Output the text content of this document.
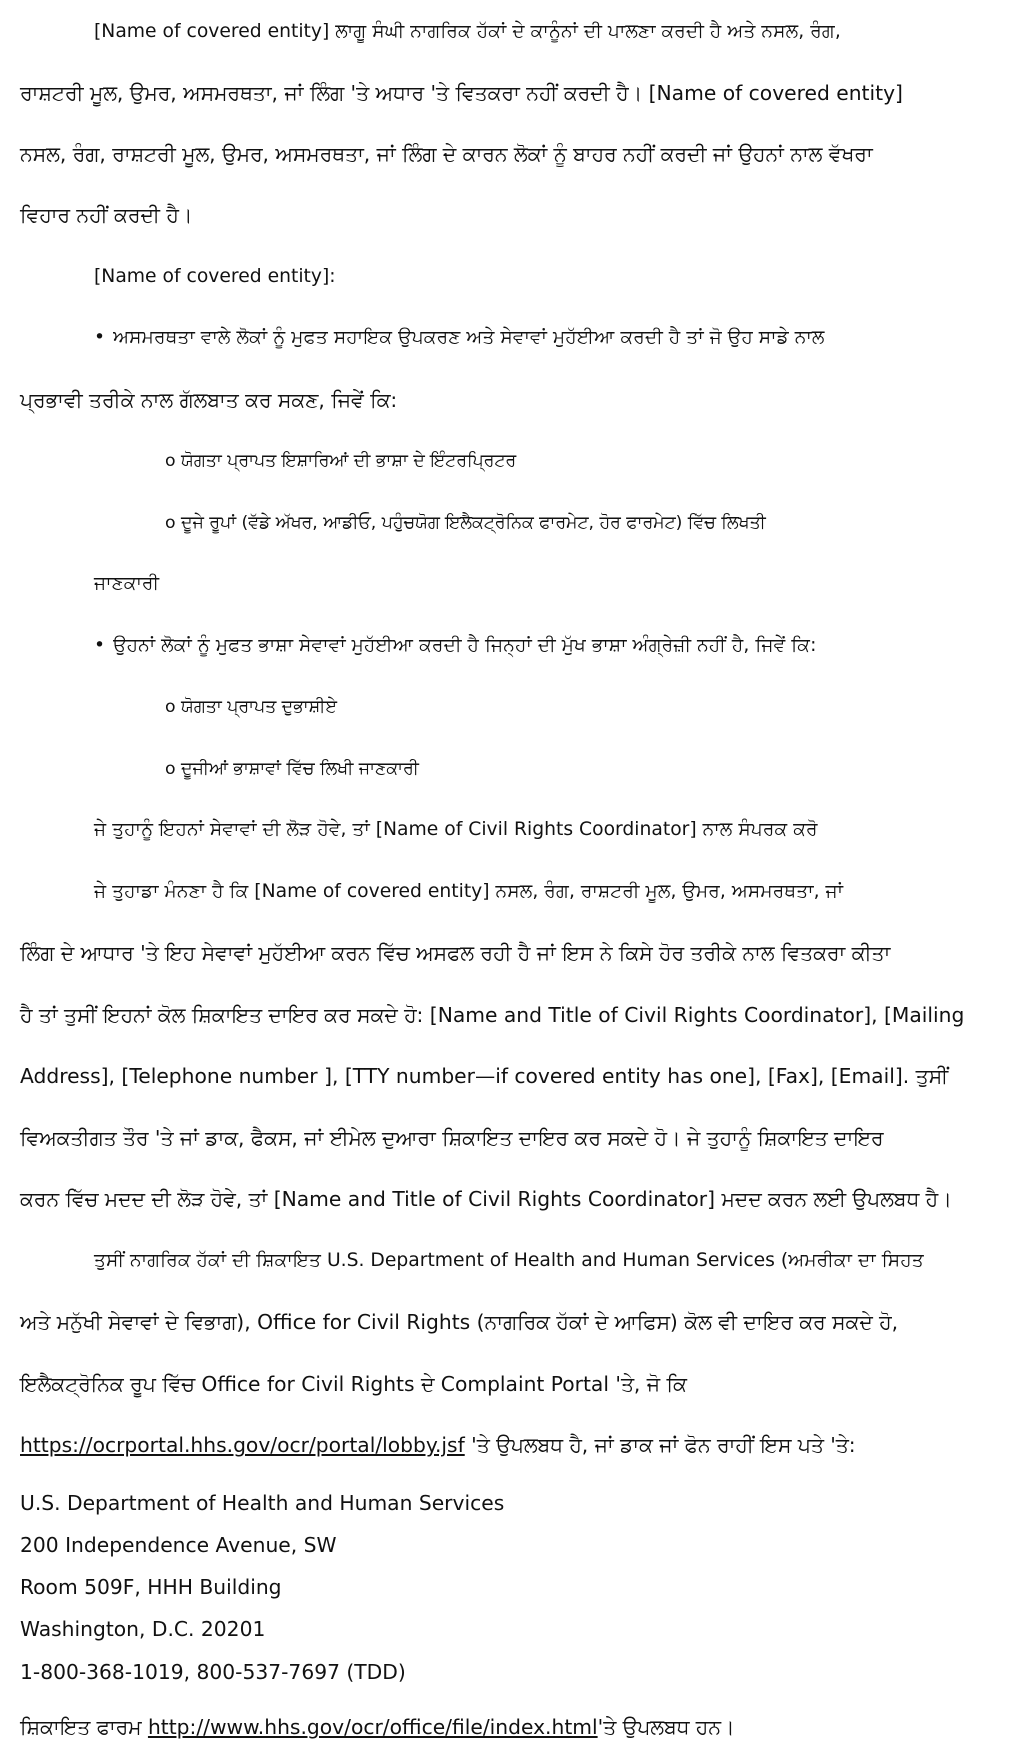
[Name of covered entity] ਲਾਗੂ ਸੰਘੀ ਨਾਗਰਿਕ ਹੱਕਾਂ ਦੇ ਕਾਨੂੰਨਾਂ ਦੀ ਪਾਲਣਾ ਕਰਦੀ ਹੈ ਅਤੇ ਨਸਲ, ਰੰਗ,
ਰਾਸ਼ਟਰੀ ਮੂਲ, ਉਮਰ, ਅਸਮਰਥਤਾ, ਜਾਂ ਲਿੰਗ 'ਤੇ ਅਧਾਰ 'ਤੇ ਵਿਤਕਰਾ ਨਹੀਂ ਕਰਦੀ ਹੈ। [Name of covered entity]
ਨਸਲ, ਰੰਗ, ਰਾਸ਼ਟਰੀ ਮੂਲ, ਉਮਰ, ਅਸਮਰਥਤਾ, ਜਾਂ ਲਿੰਗ ਦੇ ਕਾਰਨ ਲੋਕਾਂ ਨੂੰ ਬਾਹਰ ਨਹੀਂ ਕਰਦੀ ਜਾਂ ਉਹਨਾਂ ਨਾਲ ਵੱਖਰਾ
ਵਿਹਾਰ ਨਹੀਂ ਕਰਦੀ ਹੈ।
[Name of covered entity]:
• ਅਸਮਰਥਤਾ ਵਾਲੇ ਲੋਕਾਂ ਨੂੰ ਮੁਫਤ ਸਹਾਇਕ ਉਪਕਰਣ ਅਤੇ ਸੇਵਾਵਾਂ ਮੁਹੱਈਆ ਕਰਦੀ ਹੈ ਤਾਂ ਜੋ ਉਹ ਸਾਡੇ ਨਾਲ
ਪ੍ਰਭਾਵੀ ਤਰੀਕੇ ਨਾਲ ਗੱਲਬਾਤ ਕਰ ਸਕਣ, ਜਿਵੇਂ ਕਿ:
o ਯੋਗਤਾ ਪ੍ਰਾਪਤ ਇਸ਼ਾਰਿਆਂ ਦੀ ਭਾਸ਼ਾ ਦੇ ਇੰਟਰਪ੍ਰਿਟਰ
o ਦੂਜੇ ਰੂਪਾਂ (ਵੱਡੇ ਅੱਖਰ, ਆਡੀਓ, ਪਹੁੰਚਯੋਗ ਇਲੈਕਟ੍ਰੋਨਿਕ ਫਾਰਮੇਟ, ਹੋਰ ਫਾਰਮੇਟ) ਵਿੱਚ ਲਿਖਤੀ
ਜਾਣਕਾਰੀ
• ਉਹਨਾਂ ਲੋਕਾਂ ਨੂੰ ਮੁਫਤ ਭਾਸ਼ਾ ਸੇਵਾਵਾਂ ਮੁਹੱਈਆ ਕਰਦੀ ਹੈ ਜਿਨ੍ਹਾਂ ਦੀ ਮੁੱਖ ਭਾਸ਼ਾ ਅੰਗ੍ਰੇਜ਼ੀ ਨਹੀਂ ਹੈ, ਜਿਵੇਂ ਕਿ:
o ਯੋਗਤਾ ਪ੍ਰਾਪਤ ਦੁਭਾਸ਼ੀਏ
o ਦੂਜੀਆਂ ਭਾਸ਼ਾਵਾਂ ਵਿੱਚ ਲਿਖੀ ਜਾਣਕਾਰੀ
ਜੇ ਤੁਹਾਨੂੰ ਇਹਨਾਂ ਸੇਵਾਵਾਂ ਦੀ ਲੋੜ ਹੋਵੇ, ਤਾਂ [Name of Civil Rights Coordinator] ਨਾਲ ਸੰਪਰਕ ਕਰੋ
ਜੇ ਤੁਹਾਡਾ ਮੰਨਣਾ ਹੈ ਕਿ [Name of covered entity] ਨਸਲ, ਰੰਗ, ਰਾਸ਼ਟਰੀ ਮੂਲ, ਉਮਰ, ਅਸਮਰਥਤਾ, ਜਾਂ
ਲਿੰਗ ਦੇ ਆਧਾਰ 'ਤੇ ਇਹ ਸੇਵਾਵਾਂ ਮੁਹੱਈਆ ਕਰਨ ਵਿੱਚ ਅਸਫਲ ਰਹੀ ਹੈ ਜਾਂ ਇਸ ਨੇ ਕਿਸੇ ਹੋਰ ਤਰੀਕੇ ਨਾਲ ਵਿਤਕਰਾ ਕੀਤਾ
ਹੈ ਤਾਂ ਤੁਸੀਂ ਇਹਨਾਂ ਕੋਲ ਸ਼ਿਕਾਇਤ ਦਾਇਰ ਕਰ ਸਕਦੇ ਹੋ: [Name and Title of Civil Rights Coordinator], [Mailing
Address], [Telephone number ], [TTY number—if covered entity has one], [Fax], [Email]. ਤੁਸੀਂ
ਵਿਅਕਤੀਗਤ ਤੌਰ 'ਤੇ ਜਾਂ ਡਾਕ, ਫੈਕਸ, ਜਾਂ ਈਮੇਲ ਦੁਆਰਾ ਸ਼ਿਕਾਇਤ ਦਾਇਰ ਕਰ ਸਕਦੇ ਹੋ। ਜੇ ਤੁਹਾਨੂੰ ਸ਼ਿਕਾਇਤ ਦਾਇਰ
ਕਰਨ ਵਿੱਚ ਮਦਦ ਦੀ ਲੋੜ ਹੋਵੇ, ਤਾਂ [Name and Title of Civil Rights Coordinator] ਮਦਦ ਕਰਨ ਲਈ ਉਪਲਬਧ ਹੈ।
ਤੁਸੀਂ ਨਾਗਰਿਕ ਹੱਕਾਂ ਦੀ ਸ਼ਿਕਾਇਤ U.S. Department of Health and Human Services (ਅਮਰੀਕਾ ਦਾ ਸਿਹਤ
ਅਤੇ ਮਨੁੱਖੀ ਸੇਵਾਵਾਂ ਦੇ ਵਿਭਾਗ), Office for Civil Rights (ਨਾਗਰਿਕ ਹੱਕਾਂ ਦੇ ਆਫਿਸ) ਕੋਲ ਵੀ ਦਾਇਰ ਕਰ ਸਕਦੇ ਹੋ,
ਇਲੈਕਟ੍ਰੋਨਿਕ ਰੂਪ ਵਿੱਚ Office for Civil Rights ਦੇ Complaint Portal 'ਤੇ, ਜੋ ਕਿ
https://ocrportal.hhs.gov/ocr/portal/lobby.jsf 'ਤੇ ਉਪਲਬਧ ਹੈ, ਜਾਂ ਡਾਕ ਜਾਂ ਫੋਨ ਰਾਹੀਂ ਇਸ ਪਤੇ 'ਤੇ:
U.S. Department of Health and Human Services
200 Independence Avenue, SW
Room 509F, HHH Building
Washington, D.C. 20201
1-800-368-1019, 800-537-7697 (TDD)
ਸ਼ਿਕਾਇਤ ਫਾਰਮ http://www.hhs.gov/ocr/office/file/index.html'ਤੇ ਉਪਲਬਧ ਹਨ।
